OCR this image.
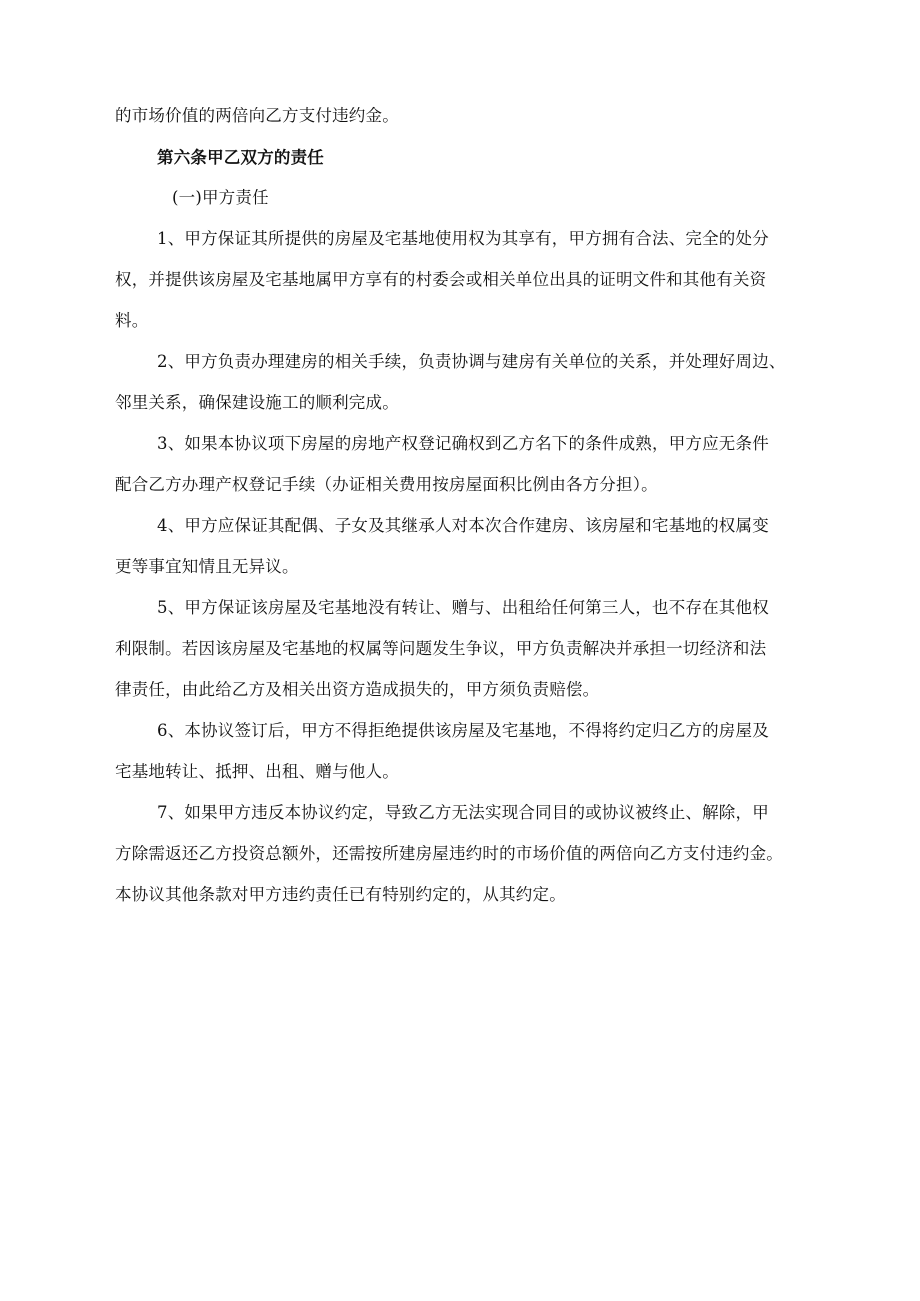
的市场价值的两倍向乙方支付违约金。
第六条甲乙双方的责任
(一)甲方责任
1、甲方保证其所提供的房屋及宅基地使用权为其享有，甲方拥有合法、完全的处分
权，并提供该房屋及宅基地属甲方享有的村委会或相关单位出具的证明文件和其他有关资
料。
2、甲方负责办理建房的相关手续，负责协调与建房有关单位的关系，并处理好周边、
邻里关系，确保建设施工的顺利完成。
3、如果本协议项下房屋的房地产权登记确权到乙方名下的条件成熟，甲方应无条件
配合乙方办理产权登记手续（办证相关费用按房屋面积比例由各方分担）。
4、甲方应保证其配偶、子女及其继承人对本次合作建房、该房屋和宅基地的权属变
更等事宜知情且无异议。
5、甲方保证该房屋及宅基地没有转让、赠与、出租给任何第三人，也不存在其他权
利限制。若因该房屋及宅基地的权属等问题发生争议，甲方负责解决并承担一切经济和法
律责任，由此给乙方及相关出资方造成损失的，甲方须负责赔偿。
6、本协议签订后，甲方不得拒绝提供该房屋及宅基地，不得将约定归乙方的房屋及
宅基地转让、抵押、出租、赠与他人。
7、如果甲方违反本协议约定，导致乙方无法实现合同目的或协议被终止、解除，甲
方除需返还乙方投资总额外，还需按所建房屋违约时的市场价值的两倍向乙方支付违约金。
本协议其他条款对甲方违约责任已有特别约定的，从其约定。
